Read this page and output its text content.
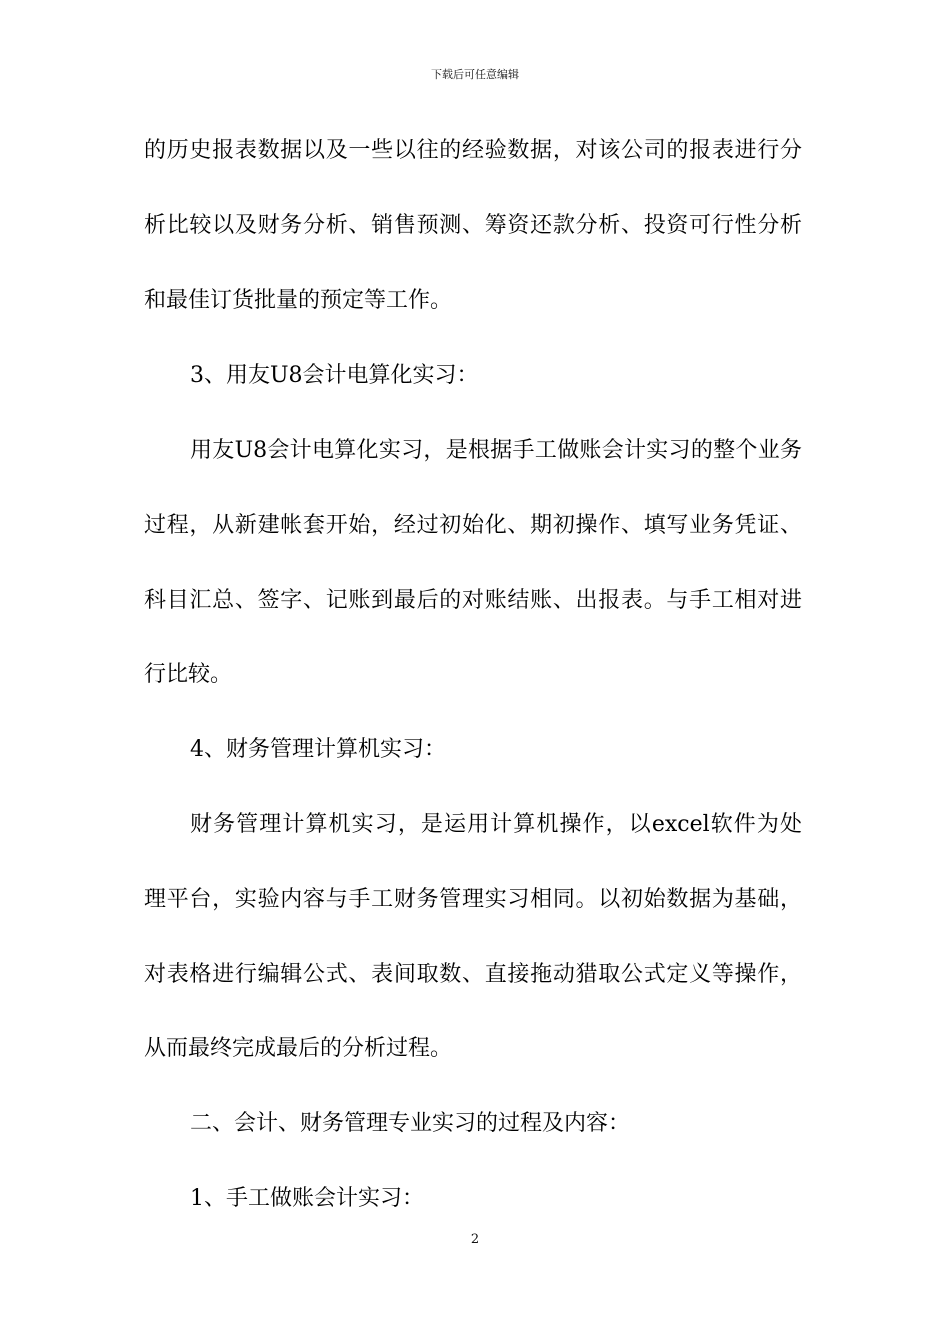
下载后可任意编辑
的历史报表数据以及一些以往的经验数据，对该公司的报表进行分
析比较以及财务分析、销售预测、筹资还款分析、投资可行性分析
和最佳订货批量的预定等工作。
3、用友U8会计电算化实习：
用友U8会计电算化实习，是根据手工做账会计实习的整个业务
过程，从新建帐套开始，经过初始化、期初操作、填写业务凭证、
科目汇总、签字、记账到最后的对账结账、出报表。与手工相对进
行比较。
4、财务管理计算机实习：
财务管理计算机实习，是运用计算机操作，以excel软件为处
理平台，实验内容与手工财务管理实习相同。以初始数据为基础，
对表格进行编辑公式、表间取数、直接拖动猎取公式定义等操作，
从而最终完成最后的分析过程。
二、会计、财务管理专业实习的过程及内容：
1、手工做账会计实习：
2
